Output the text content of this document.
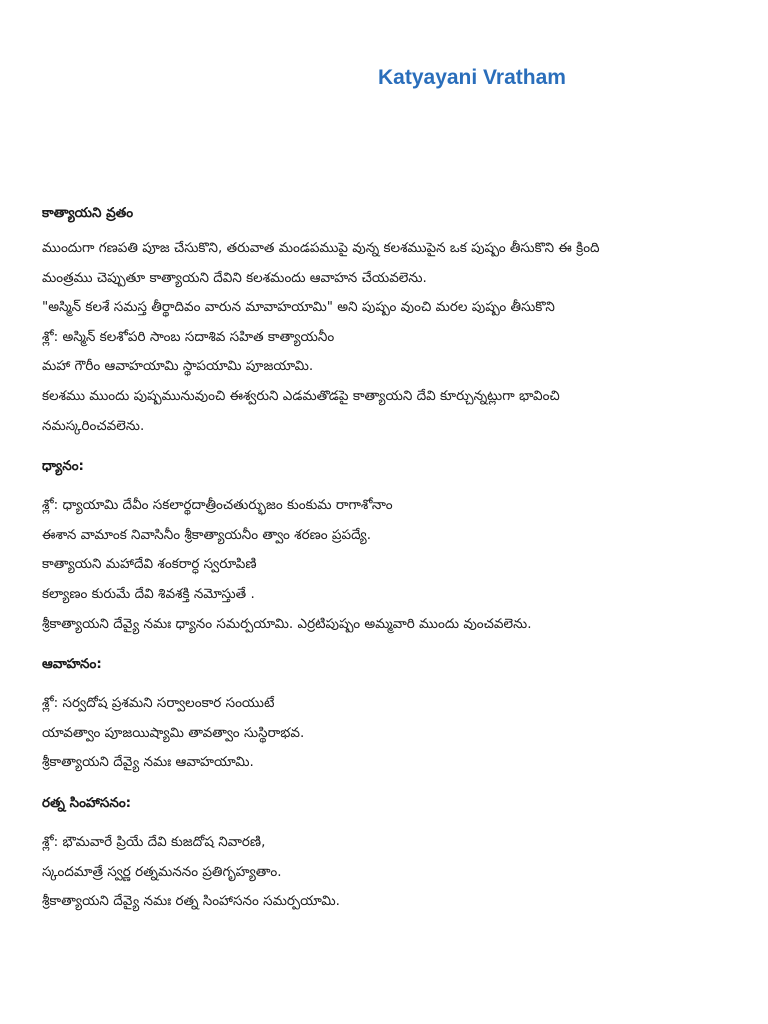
Katyayani Vratham

కాత్యాయని వ్రతం

ముందుగా గణపతి పూజ చేసుకొని, తరువాత మండపముపై వున్న కలశముపైన ఒక పుష్పం తీసుకొని ఈ క్రింది
మంత్రము చెప్పుతూ కాత్యాయని దేవిని కలశమందు ఆవాహన చేయవలెను.
"అస్మిన్ కలశే సమస్త తీర్థాదివం వారున మావాహయామి" అని పుష్పం వుంచి మరల పుష్పం తీసుకొని
శ్లో: అస్మిన్ కలశోపరి సాంబ సదాశివ సహిత కాత్యాయనీం
మహా గౌరీం ఆవాహయామి స్థాపయామి పూజయామి.
కలశము ముందు పుష్పమునువుంచి ఈశ్వరుని ఎడమతొడపై కాత్యాయని దేవి కూర్చున్నట్లుగా భావించి
నమస్కరించవలెను.

ధ్యానం:

శ్లో: ధ్యాయామి దేవీం సకలార్థదాత్రీంచతుర్భుజం కుంకుమ రాగాశోనాం
ఈశాన వామాంక నివాసినీం శ్రీకాత్యాయనీం త్వాం శరణం ప్రపద్యే.
కాత్యాయని మహాదేవి శంకరార్ధ స్వరూపిణి
కల్యాణం కురుమే దేవి శివశక్తి నమోస్తుతే .
శ్రీకాత్యాయని దేవ్యై నమః ధ్యానం సమర్పయామి. ఎర్రటిపుష్పం అమ్మవారి ముందు వుంచవలెను.

ఆవాహనం:

శ్లో: సర్వదోష ప్రశమని సర్వాలంకార సంయుటే
యావత్వాం పూజయిష్యామి తావత్వాం సుస్థిరాభవ.
శ్రీకాత్యాయని దేవ్యై నమః ఆవాహయామి.

రత్న సింహాసనం:

శ్లో: భౌమవారే ప్రియే దేవి కుజదోష నివారణి,
స్కందమాత్రే స్వర్ణ రత్నమననం ప్రతిగృహ్యతాం.
శ్రీకాత్యాయని దేవ్యై నమః రత్న సింహాసనం సమర్పయామి.
